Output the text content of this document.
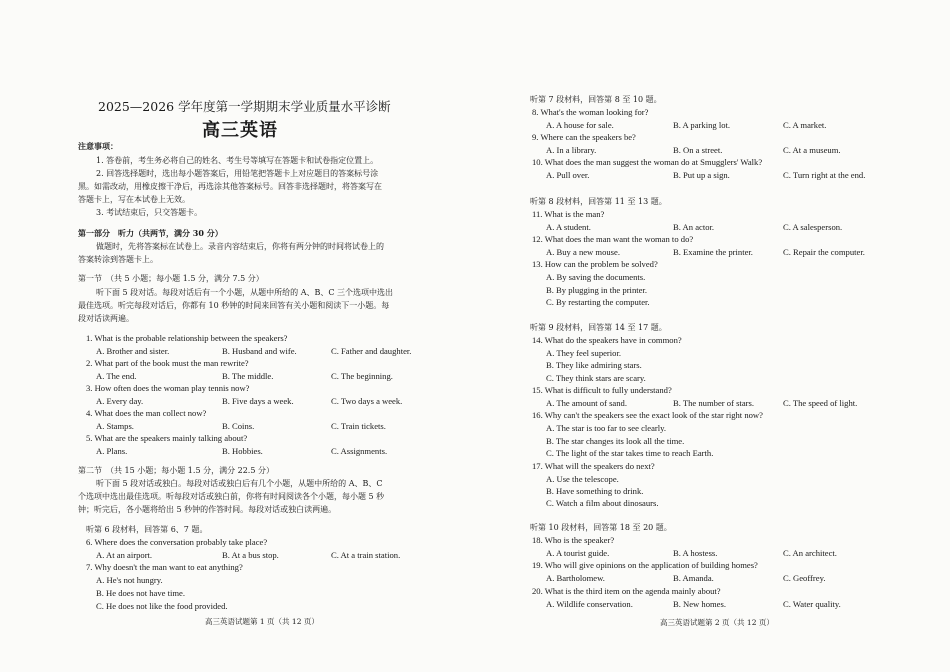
2025—2026 学年度第一学期期末学业质量水平诊断
高三英语
注意事项：
1. 答卷前，考生务必将自己的姓名、考生号等填写在答题卡和试卷指定位置上。
2. 回答选择题时，选出每小题答案后，用铅笔把答题卡上对应题目的答案标号涂
黑。如需改动，用橡皮擦干净后，再选涂其他答案标号。回答非选择题时，将答案写在
答题卡上，写在本试卷上无效。
3. 考试结束后，只交答题卡。
第一部分　听力（共两节，满分 30 分）
做题时，先将答案标在试卷上。录音内容结束后，你将有两分钟的时间将试卷上的
答案转涂到答题卡上。
第一节　（共 5 小题；每小题 1.5 分，满分 7.5 分）
听下面 5 段对话。每段对话后有一个小题，从题中所给的 A、B、C 三个选项中选出
最佳选项。听完每段对话后，你都有 10 秒钟的时间来回答有关小题和阅读下一小题。每
段对话读两遍。
1. What is the probable relationship between the speakers?
A. Brother and sister.	B. Husband and wife.	C. Father and daughter.
2. What part of the book must the man rewrite?
A. The end.	B. The middle.	C. The beginning.
3. How often does the woman play tennis now?
A. Every day.	B. Five days a week.	C. Two days a week.
4. What does the man collect now?
A. Stamps.	B. Coins.	C. Train tickets.
5. What are the speakers mainly talking about?
A. Plans.	B. Hobbies.	C. Assignments.
第二节　（共 15 小题；每小题 1.5 分，满分 22.5 分）
听下面 5 段对话或独白。每段对话或独白后有几个小题，从题中所给的 A、B、C
个选项中选出最佳选项。听每段对话或独白前，你将有时间阅读各个小题，每小题 5 秒
钟；听完后，各小题将给出 5 秒钟的作答时间。每段对话或独白读两遍。
听第 6 段材料，回答第 6、7 题。
6. Where does the conversation probably take place?
A. At an airport.	B. At a bus stop.	C. At a train station.
7. Why doesn't the man want to eat anything?
A. He's not hungry.
B. He does not have time.
C. He does not like the food provided.
高三英语试题第 1 页（共 12 页）
听第 7 段材料，回答第 8 至 10 题。
8. What's the woman looking for?
A. A house for sale.	B. A parking lot.	C. A market.
9. Where can the speakers be?
A. In a library.	B. On a street.	C. At a museum.
10. What does the man suggest the woman do at Smugglers' Walk?
A. Pull over.	B. Put up a sign.	C. Turn right at the end.
听第 8 段材料，回答第 11 至 13 题。
11. What is the man?
A. A student.	B. An actor.	C. A salesperson.
12. What does the man want the woman to do?
A. Buy a new mouse.	B. Examine the printer.	C. Repair the computer.
13. How can the problem be solved?
A. By saving the documents.
B. By plugging in the printer.
C. By restarting the computer.
听第 9 段材料，回答第 14 至 17 题。
14. What do the speakers have in common?
A. They feel superior.
B. They like admiring stars.
C. They think stars are scary.
15. What is difficult to fully understand?
A. The amount of sand.	B. The number of stars.	C. The speed of light.
16. Why can't the speakers see the exact look of the star right now?
A. The star is too far to see clearly.
B. The star changes its look all the time.
C. The light of the star takes time to reach Earth.
17. What will the speakers do next?
A. Use the telescope.
B. Have something to drink.
C. Watch a film about dinosaurs.
听第 10 段材料，回答第 18 至 20 题。
18. Who is the speaker?
A. A tourist guide.	B. A hostess.	C. An architect.
19. Who will give opinions on the application of building homes?
A. Bartholomew.	B. Amanda.	C. Geoffrey.
20. What is the third item on the agenda mainly about?
A. Wildlife conservation.	B. New homes.	C. Water quality.
高三英语试题第 2 页（共 12 页）
